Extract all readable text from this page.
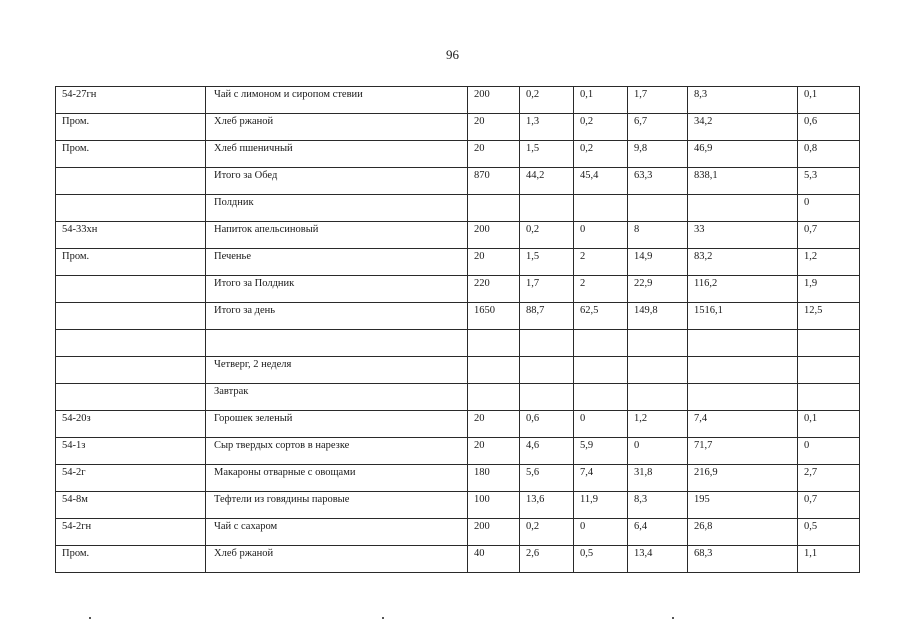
96
54-27гн	Чай с лимоном и сиропом стевии	200	0,2	0,1	1,7	8,3	0,1
Пром.	Хлеб ржаной	20	1,3	0,2	6,7	34,2	0,6
Пром.	Хлеб пшеничный	20	1,5	0,2	9,8	46,9	0,8
	Итого за Обед	870	44,2	45,4	63,3	838,1	5,3
	Полдник						0
54-33хн	Напиток апельсиновый	200	0,2	0	8	33	0,7
Пром.	Печенье	20	1,5	2	14,9	83,2	1,2
	Итого за Полдник	220	1,7	2	22,9	116,2	1,9
	Итого за день	1650	88,7	62,5	149,8	1516,1	12,5

	Четверг, 2 неделя						
	Завтрак						
54-20з	Горошек зеленый	20	0,6	0	1,2	7,4	0,1
54-1з	Сыр твердых сортов в нарезке	20	4,6	5,9	0	71,7	0
54-2г	Макароны отварные с овощами	180	5,6	7,4	31,8	216,9	2,7
54-8м	Тефтели из говядины паровые	100	13,6	11,9	8,3	195	0,7
54-2гн	Чай с сахаром	200	0,2	0	6,4	26,8	0,5
Пром.	Хлеб ржаной	40	2,6	0,5	13,4	68,3	1,1
